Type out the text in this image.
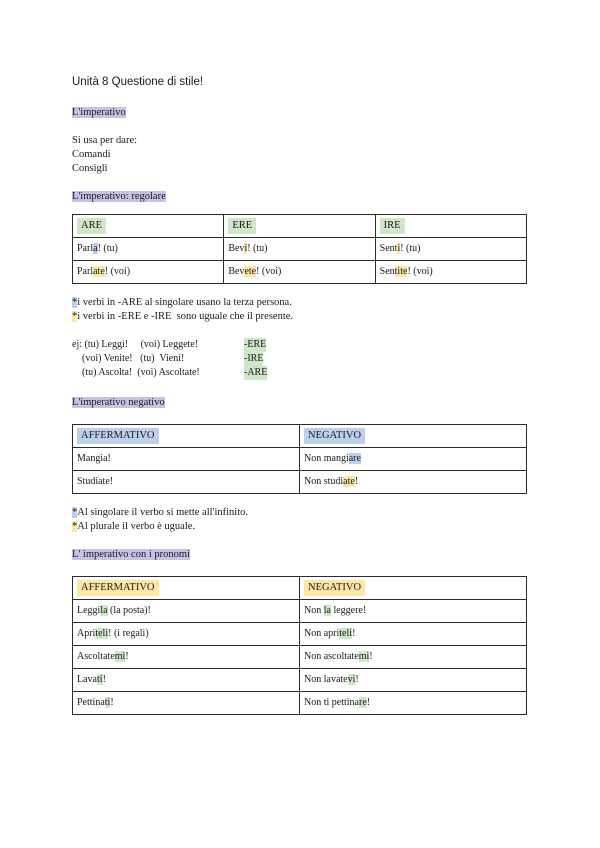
Unità 8 Questione di stile!
L'imperativo
Si usa per dare:
Comandi
Consigli
L'imperativo: regolare
ARE	ERE	IRE
Parla! (tu)	Bevi! (tu)	Senti! (tu)
Parlate! (voi)	Bevete! (voi)	Sentite! (voi)
*i verbi in -ARE al singolare usano la terza persona.
*i verbi in -ERE e -IRE  sono uguale che il presente.
ej: (tu) Leggi!     (voi) Leggete!	-ERE
(voi) Venite!   (tu)  Vieni!	-IRE
(tu) Ascolta!  (voi) Ascoltate!	-ARE
L'imperativo negativo
AFFERMATIVO	NEGATIVO
Mangia!	Non mangiare
Studiate!	Non studiate!
*Al singolare il verbo si mette all'infinito.
*Al plurale il verbo è uguale.
L' imperativo con i pronomi
AFFERMATIVO	NEGATIVO
Leggila (la posta)!	Non la leggere!
Apriteli! (i regali)	Non apriteli!
Ascoltatemi!	Non ascoltatemi!
Lavati!	Non lavatevi!
Pettinati!	Non ti pettinare!
